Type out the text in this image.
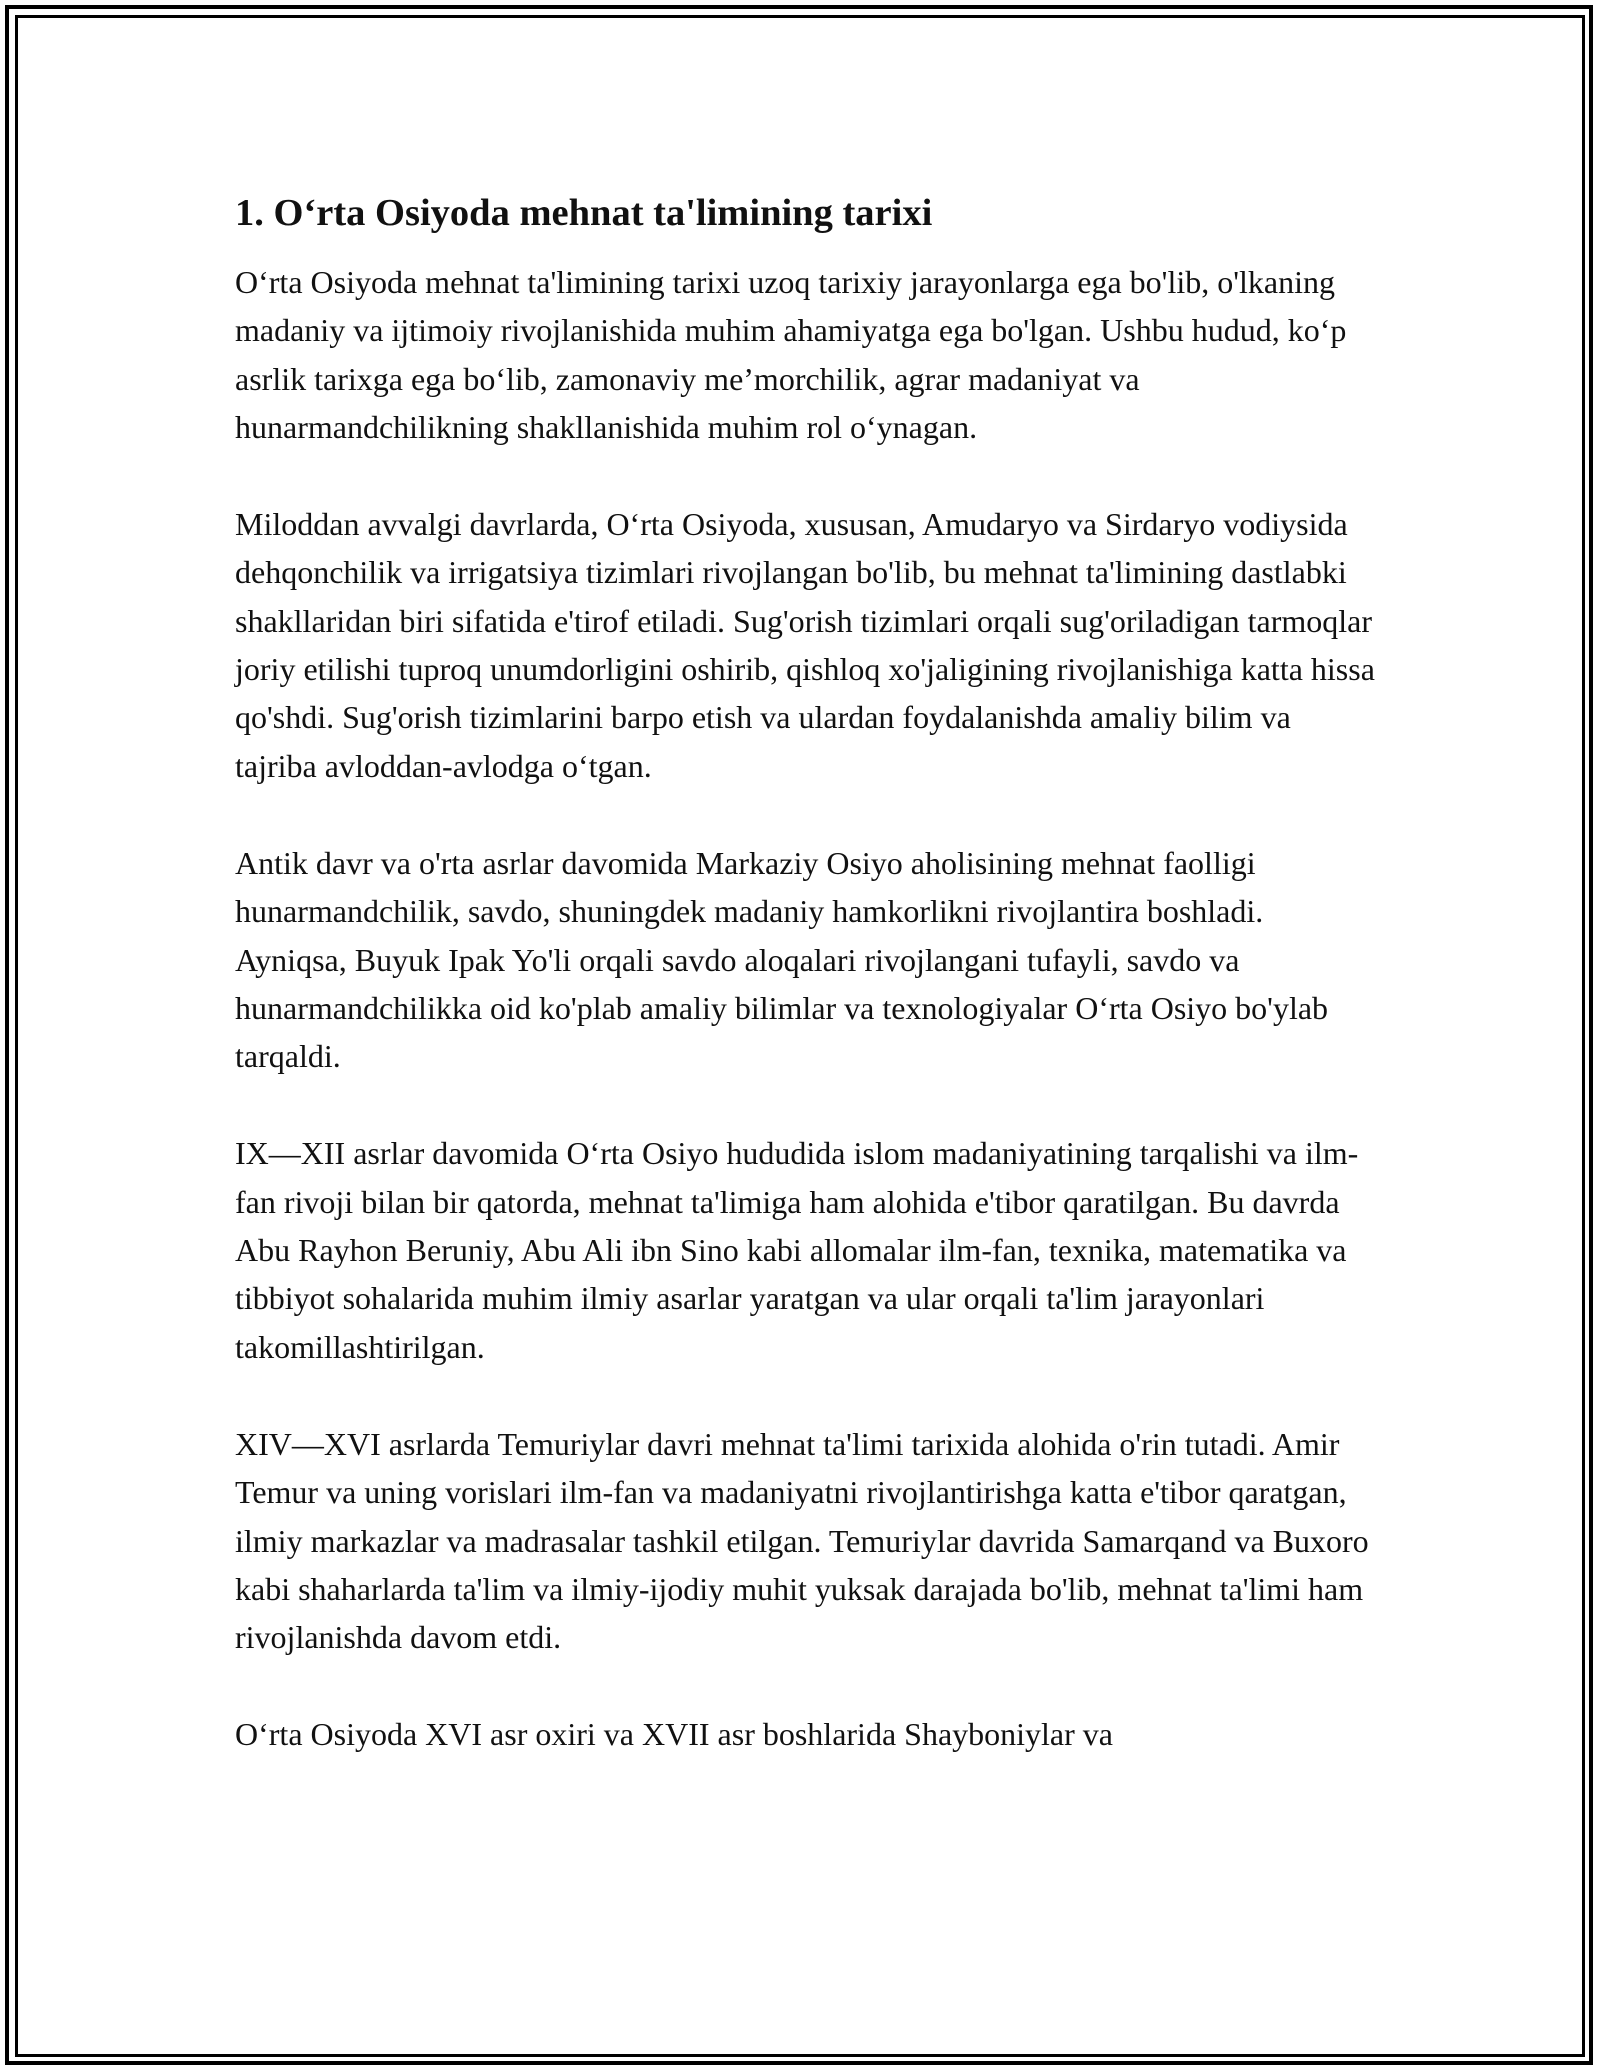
1. O‘rta Osiyoda mehnat ta'limining tarixi

O‘rta Osiyoda mehnat ta'limining tarixi uzoq tarixiy jarayonlarga ega bo'lib, o'lkaning madaniy va ijtimoiy rivojlanishida muhim ahamiyatga ega bo'lgan. Ushbu hudud, ko‘p asrlik tarixga ega bo‘lib, zamonaviy me’morchilik, agrar madaniyat va hunarmandchilikning shakllanishida muhim rol o‘ynagan.

Miloddan avvalgi davrlarda, O‘rta Osiyoda, xususan, Amudaryo va Sirdaryo vodiysida dehqonchilik va irrigatsiya tizimlari rivojlangan bo'lib, bu mehnat ta'limining dastlabki shakllaridan biri sifatida e'tirof etiladi. Sug'orish tizimlari orqali sug'oriladigan tarmoqlar joriy etilishi tuproq unumdorligini oshirib, qishloq xo'jaligining rivojlanishiga katta hissa qo'shdi. Sug'orish tizimlarini barpo etish va ulardan foydalanishda amaliy bilim va tajriba avloddan-avlodga o‘tgan.

Antik davr va o'rta asrlar davomida Markaziy Osiyo aholisining mehnat faolligi hunarmandchilik, savdo, shuningdek madaniy hamkorlikni rivojlantira boshladi. Ayniqsa, Buyuk Ipak Yo'li orqali savdo aloqalari rivojlangani tufayli, savdo va hunarmandchilikka oid ko'plab amaliy bilimlar va texnologiyalar O‘rta Osiyo bo'ylab tarqaldi.

IX—XII asrlar davomida O‘rta Osiyo hududida islom madaniyatining tarqalishi va ilm-fan rivoji bilan bir qatorda, mehnat ta'limiga ham alohida e'tibor qaratilgan. Bu davrda Abu Rayhon Beruniy, Abu Ali ibn Sino kabi allomalar ilm-fan, texnika, matematika va tibbiyot sohalarida muhim ilmiy asarlar yaratgan va ular orqali ta'lim jarayonlari takomillashtirilgan.

XIV—XVI asrlarda Temuriylar davri mehnat ta'limi tarixida alohida o'rin tutadi. Amir Temur va uning vorislari ilm-fan va madaniyatni rivojlantirishga katta e'tibor qaratgan, ilmiy markazlar va madrasalar tashkil etilgan. Temuriylar davrida Samarqand va Buxoro kabi shaharlarda ta'lim va ilmiy-ijodiy muhit yuksak darajada bo'lib, mehnat ta'limi ham rivojlanishda davom etdi.

O‘rta Osiyoda XVI asr oxiri va XVII asr boshlarida Shayboniylar va
